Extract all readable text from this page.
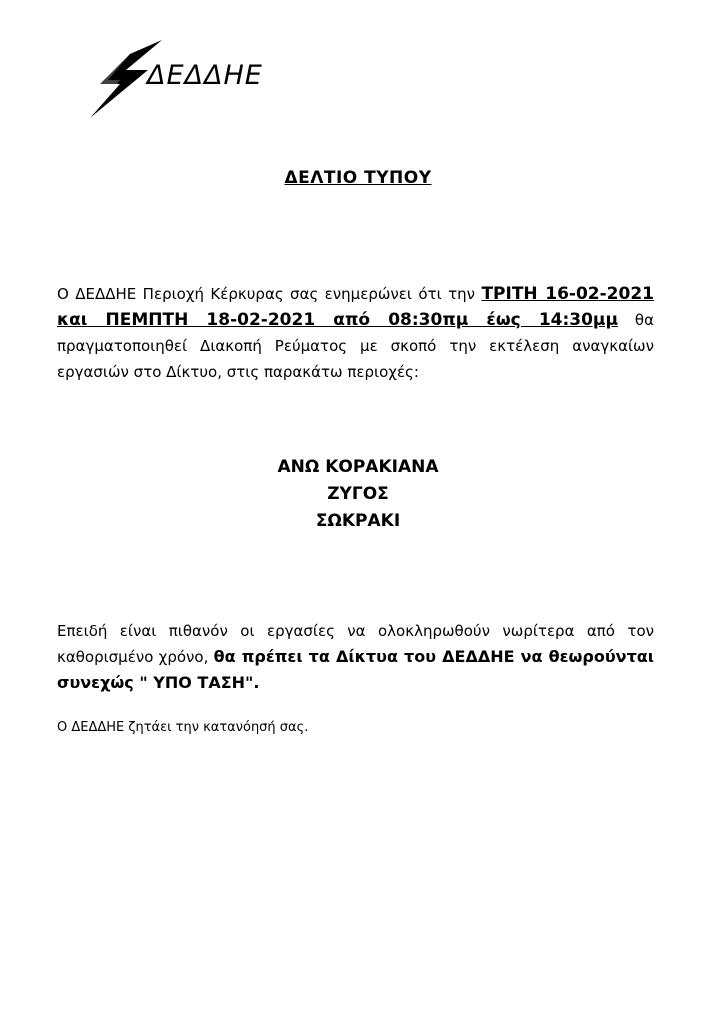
ΔΕΔΔΗΕ
ΔΕΛΤΙΟ ΤΥΠΟΥ

Ο ΔΕΔΔΗΕ Περιοχή Κέρκυρας σας ενημερώνει ότι την ΤΡΙΤΗ 16-02-2021 και ΠΕΜΠΤΗ 18-02-2021 από 08:30πμ έως 14:30μμ θα πραγματοποιηθεί Διακοπή Ρεύματος με σκοπό την εκτέλεση αναγκαίων εργασιών στο Δίκτυο, στις παρακάτω περιοχές:

ΑΝΩ ΚΟΡΑΚΙΑΝΑ
ΖΥΓΟΣ
ΣΩΚΡΑΚΙ

Επειδή είναι πιθανόν οι εργασίες να ολοκληρωθούν νωρίτερα από τον καθορισμένο χρόνο, θα πρέπει τα Δίκτυα του ΔΕΔΔΗΕ να θεωρούνται συνεχώς " ΥΠΟ ΤΑΣΗ".

Ο ΔΕΔΔΗΕ ζητάει την κατανόησή σας.
